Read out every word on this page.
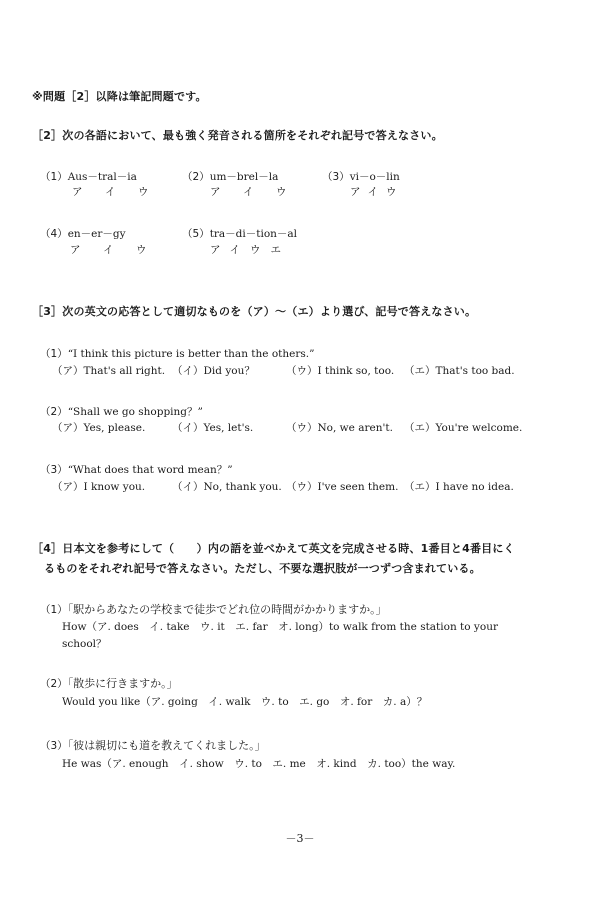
※問題［2］以降は筆記問題です。
［2］次の各語において、最も強く発音される箇所をそれぞれ記号で答えなさい。
（1）Aus－tral－ia
ア　イ　ウ
（2）um－brel－la
ア　イ　ウ
（3）vi－o－lin
アイウ
（4）en－er－gy
ア　イ　ウ
（5）tra－di－tion－al
アイウエ
［3］次の英文の応答として適切なものを（ア）～（エ）より選び、記号で答えなさい。
（1）“I think this picture is better than the others.”
（ア）That's all right. （イ）Did you？	（ウ）I think so, too. （エ）That's too bad.
（2）“Shall we go shopping？”
（ア）Yes, please.	（イ）Yes, let's.	（ウ）No, we aren't. （エ）You're welcome.
（3）“What does that word mean？”
（ア）I know you.	（イ）No, thank you. （ウ）I've seen them. （エ）I have no idea.
［4］日本文を参考にして（　　）内の語を並べかえて英文を完成させる時、1番目と4番目にく
るものをそれぞれ記号で答えなさい。ただし、不要な選択肢が一つずつ含まれている。
（1）「駅からあなたの学校まで徒歩でどれ位の時間がかかりますか。」
How（ア. does　イ. take　ウ. it　エ. far　オ. long）to walk from the station to your
school？
（2）「散歩に行きますか。」
Would you like（ア. going　イ. walk　ウ. to　エ. go　オ. for　カ. a）？
（3）「彼は親切にも道を教えてくれました。」
He was（ア. enough　イ. show　ウ. to　エ. me　オ. kind　カ. too）the way.
－3－
